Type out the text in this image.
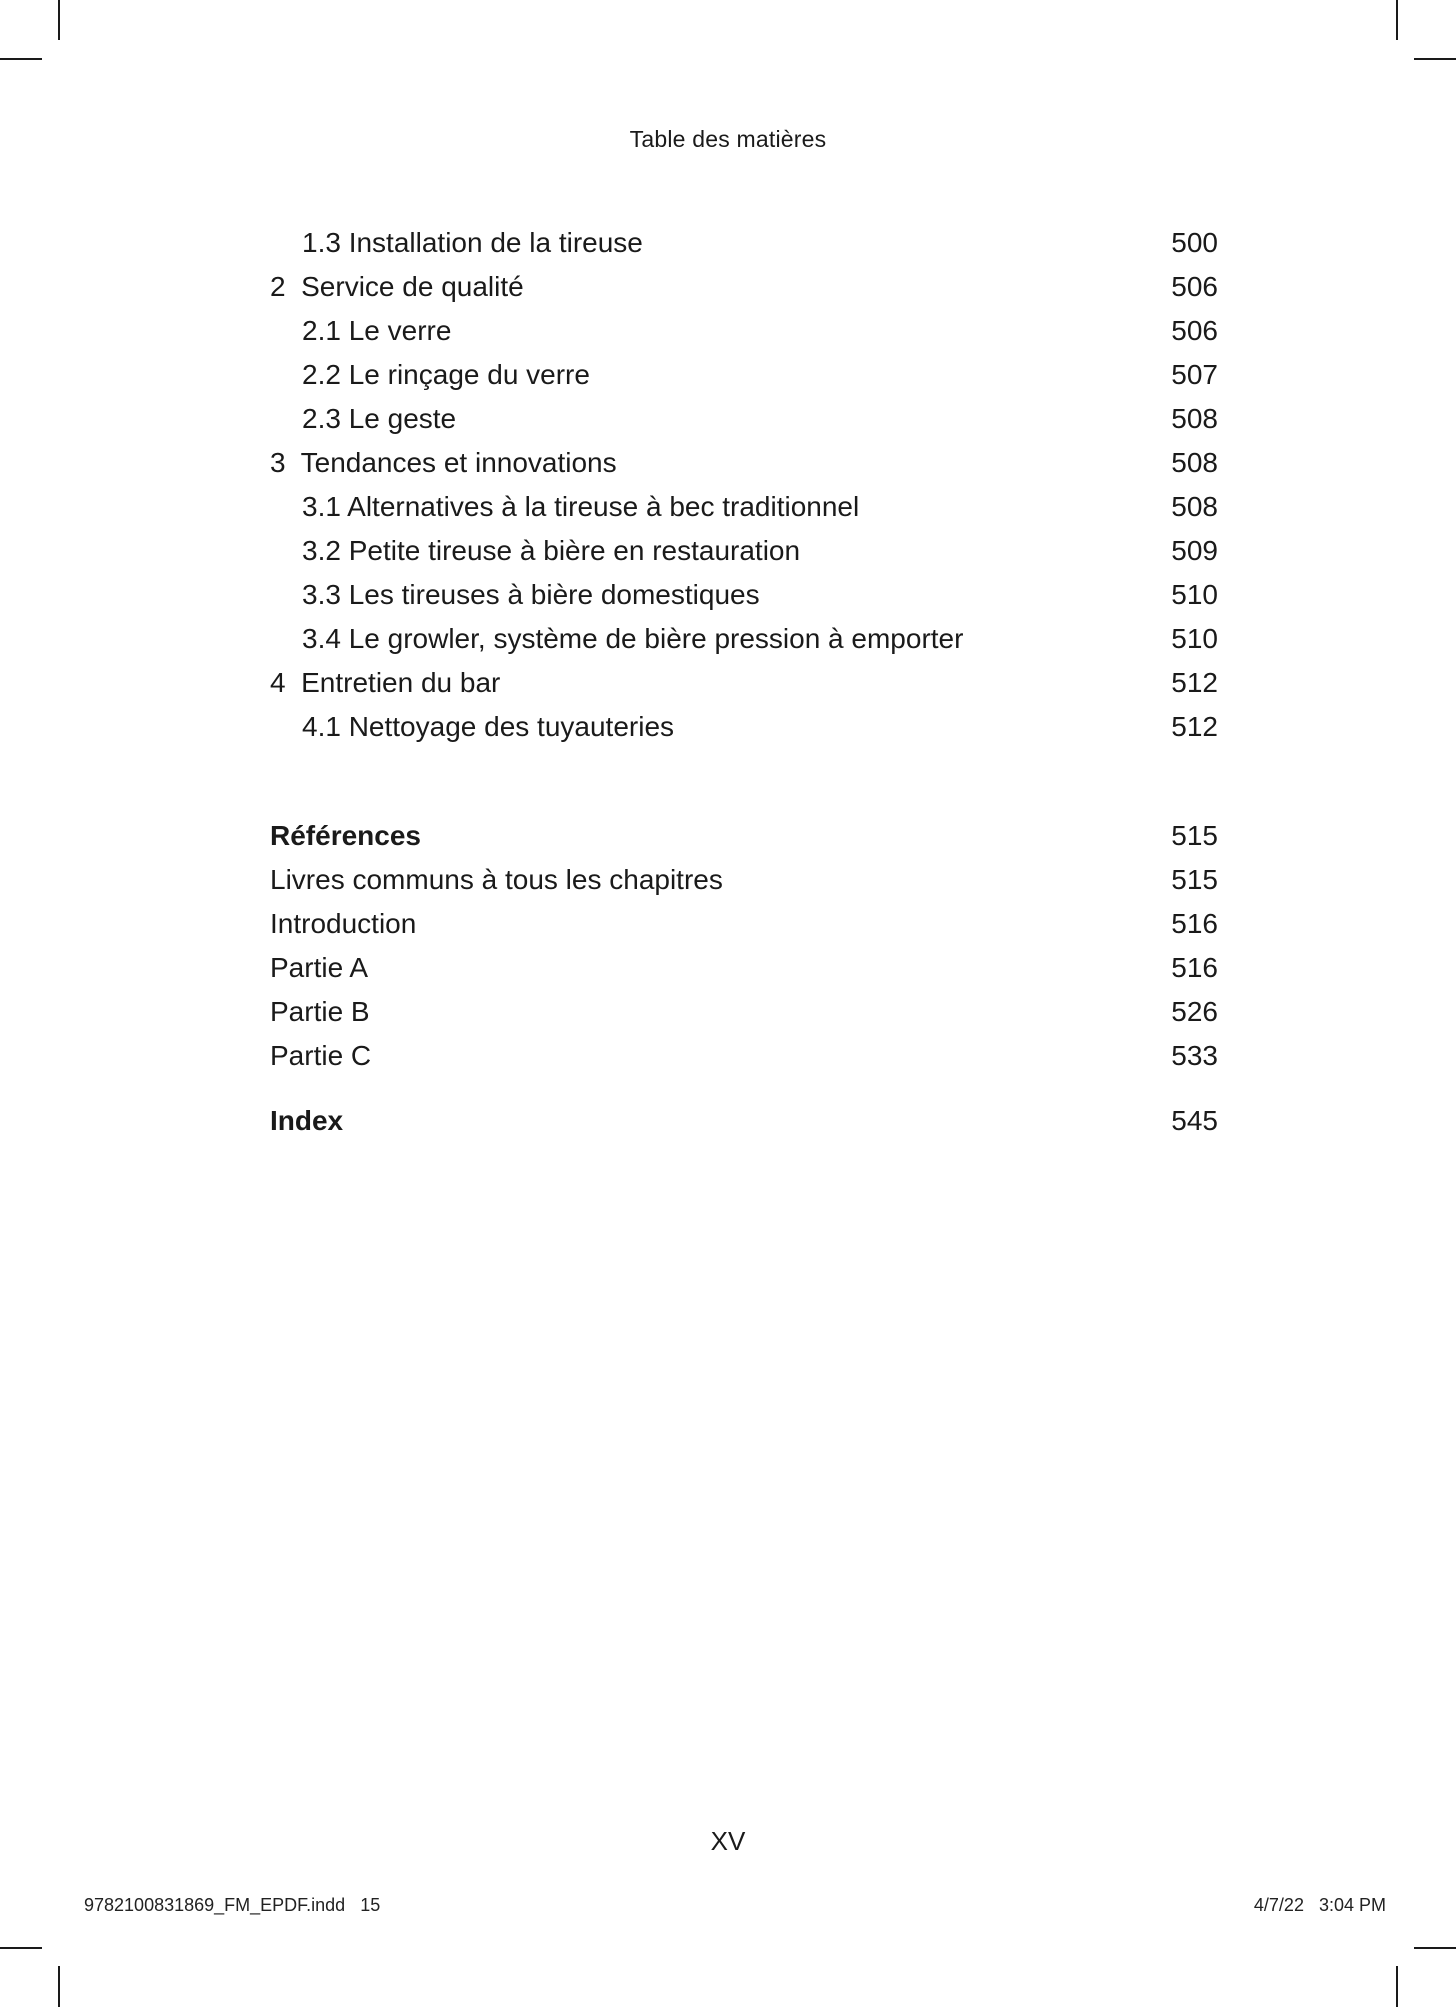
Table des matières
1.3 Installation de la tireuse	500
2  Service de qualité	506
2.1 Le verre	506
2.2 Le rinçage du verre	507
2.3 Le geste	508
3  Tendances et innovations	508
3.1 Alternatives à la tireuse à bec traditionnel	508
3.2 Petite tireuse à bière en restauration	509
3.3 Les tireuses à bière domestiques	510
3.4 Le growler, système de bière pression à emporter	510
4  Entretien du bar	512
4.1 Nettoyage des tuyauteries	512
Références	515
Livres communs à tous les chapitres	515
Introduction	516
Partie A	516
Partie B	526
Partie C	533
Index	545
XV
9782100831869_FM_EPDF.indd   15	4/7/22   3:04 PM
